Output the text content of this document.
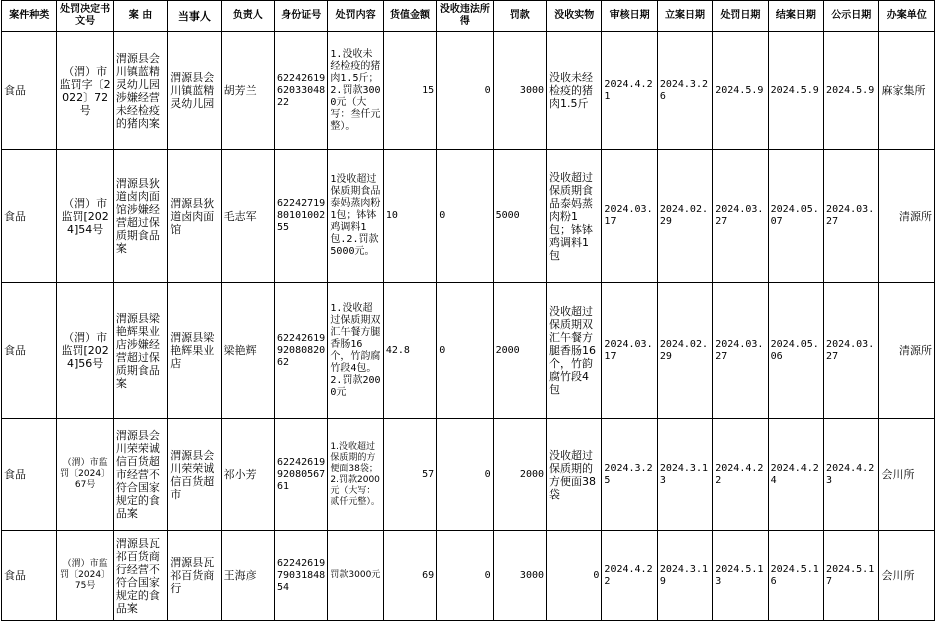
案件种类	处罚决定书文号	案 由	当事人	负责人	身份证号	处罚内容	货值金额	没收违法所得	罚款	没收实物	审核日期	立案日期	处罚日期	结案日期	公示日期	办案单位
食品	（渭）市监罚字〔2022〕72号	渭源县会川镇蓝精灵幼儿园涉嫌经营未经检疫的猪肉案	渭源县会川镇蓝精灵幼儿园	胡芳兰	622426196203304822	1.没收未经检疫的猪肉1.5斤；2.罚款3000元（大写：叁仟元整）。	15	0	3000	没收未经检疫的猪肉1.5斤	2024.4.21	2024.3.26	2024.5.9	2024.5.9	2024.5.9	麻家集所
食品	（渭）市监罚[2024]54号	渭源县狄道卤肉面馆涉嫌经营超过保质期食品案	渭源县狄道卤肉面馆	毛志军	622427198010100255	1没收超过保质期食品泰妈蒸肉粉1包；钵钵鸡调料1包.2.罚款5000元。	10	0	5000	没收超过保质期食品泰妈蒸肉粉1包；钵钵鸡调料1包	2024.03.17	2024.02.29	2024.03.27	2024.05.07	2024.03.27	清源所
食品	（渭）市监罚[2024]56号	渭源县梁艳辉果业店涉嫌经营超过保质期食品案	渭源县梁艳辉果业店	梁艳辉	622426199208082062	1.没收超过保质期双汇午餐方腿香肠16个，竹韵腐竹段4包。2.罚款2000元	42.8	0	2000	没收超过保质期双汇午餐方腿香肠16个，竹韵腐竹段4包	2024.03.17	2024.02.29	2024.03.27	2024.05.06	2024.03.27	清源所
食品	（渭）市监罚〔2024〕67号	渭源县会川荣荣诚信百货超市经营不符合国家规定的食品案	渭源县会川荣荣诚信百货超市	祁小芳	622426199208056761	1.没收超过保质期的方便面38袋；2.罚款2000元（大写：贰仟元整）。	57	0	2000	没收超过保质期的方便面38袋	2024.3.25	2024.3.13	2024.4.22	2024.4.24	2024.4.23	会川所
食品	（渭）市监罚〔2024〕75号	渭源县瓦祁百货商行经营不符合国家规定的食品案	渭源县瓦祁百货商行	王海彦	622426197903184854	罚款3000元	69	0	3000	0	2024.4.22	2024.3.19	2024.5.13	2024.5.16	2024.5.17	会川所
